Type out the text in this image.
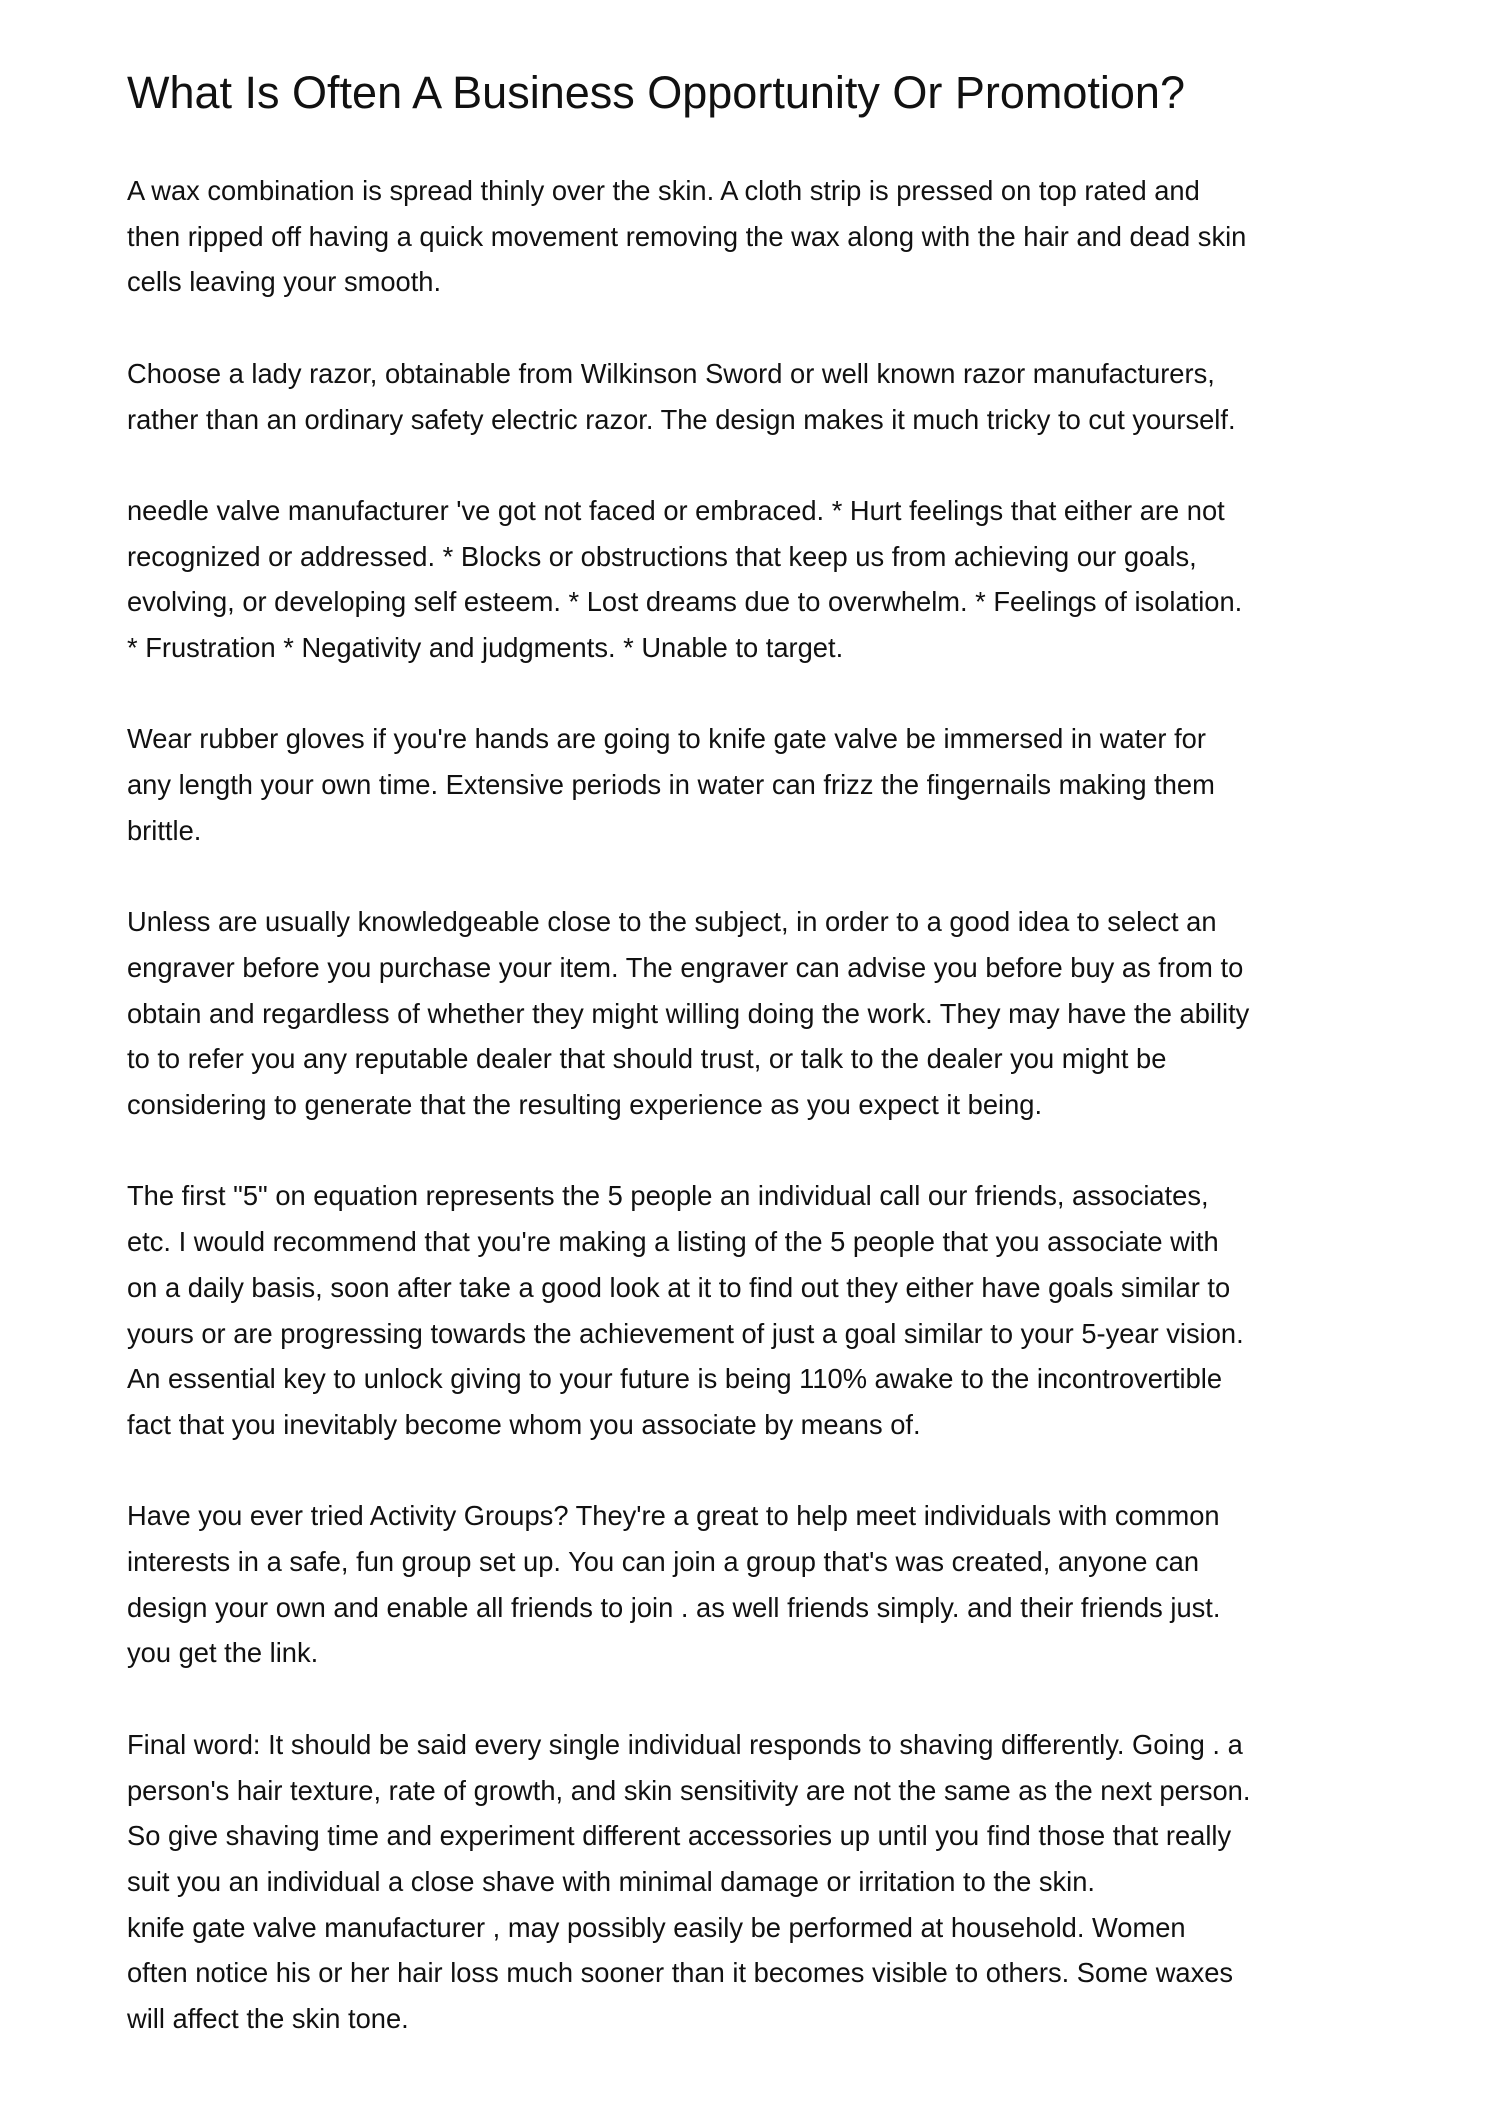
What Is Often A Business Opportunity Or Promotion?

A wax combination is spread thinly over the skin. A cloth strip is pressed on top rated and
then ripped off having a quick movement removing the wax along with the hair and dead skin
cells leaving your smooth.

Choose a lady razor, obtainable from Wilkinson Sword or well known razor manufacturers,
rather than an ordinary safety electric razor. The design makes it much tricky to cut yourself.

needle valve manufacturer 've got not faced or embraced. * Hurt feelings that either are not
recognized or addressed. * Blocks or obstructions that keep us from achieving our goals,
evolving, or developing self esteem. * Lost dreams due to overwhelm. * Feelings of isolation.
* Frustration * Negativity and judgments. * Unable to target.

Wear rubber gloves if you're hands are going to knife gate valve be immersed in water for
any length your own time. Extensive periods in water can frizz the fingernails making them
brittle.

Unless are usually knowledgeable close to the subject, in order to a good idea to select an
engraver before you purchase your item. The engraver can advise you before buy as from to
obtain and regardless of whether they might willing doing the work. They may have the ability
to to refer you any reputable dealer that should trust, or talk to the dealer you might be
considering to generate that the resulting experience as you expect it being.

The first "5" on equation represents the 5 people an individual call our friends, associates,
etc. I would recommend that you're making a listing of the 5 people that you associate with
on a daily basis, soon after take a good look at it to find out they either have goals similar to
yours or are progressing towards the achievement of just a goal similar to your 5-year vision.
An essential key to unlock giving to your future is being 110% awake to the incontrovertible
fact that you inevitably become whom you associate by means of.

Have you ever tried Activity Groups? They're a great to help meet individuals with common
interests in a safe, fun group set up. You can join a group that's was created, anyone can
design your own and enable all friends to join . as well friends simply. and their friends just.
you get the link.

Final word: It should be said every single individual responds to shaving differently. Going . a
person's hair texture, rate of growth, and skin sensitivity are not the same as the next person.
So give shaving time and experiment different accessories up until you find those that really
suit you an individual a close shave with minimal damage or irritation to the skin.
knife gate valve manufacturer , may possibly easily be performed at household. Women
often notice his or her hair loss much sooner than it becomes visible to others. Some waxes
will affect the skin tone.
